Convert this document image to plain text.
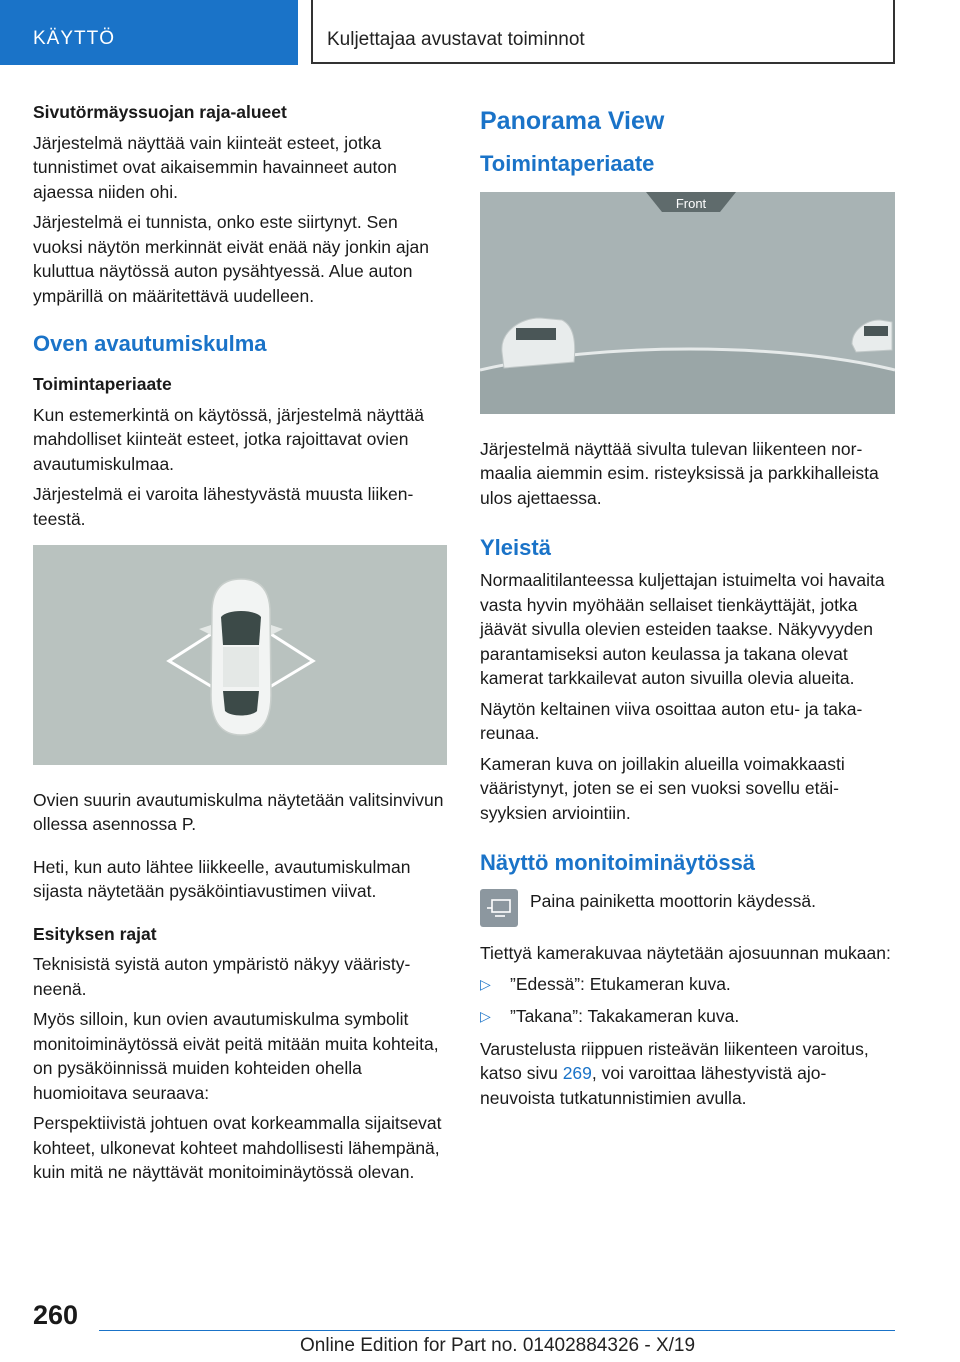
KÄYTTÖ	Kuljettajaa avustavat toiminnot

Sivutörmäyssuojan raja-alueet

Järjestelmä näyttää vain kiinteät esteet, jotka tunnistimet ovat aikaisemmin havainneet auton ajaessa niiden ohi.

Järjestelmä ei tunnista, onko este siirtynyt. Sen vuoksi näytön merkinnät eivät enää näy jonkin ajan kuluttua näytössä auton pysähtyessä. Alue auton ympärillä on määritettävä uudelleen.

Oven avautumiskulma

Toimintaperiaate

Kun estemerkintä on käytössä, järjestelmä näyttää mahdolliset kiinteät esteet, jotka rajoittavat ovien avautumiskulmaa.

Järjestelmä ei varoita lähestyvästä muusta liikenteestä.

Ovien suurin avautumiskulma näytetään valitsinvivun ollessa asennossa P.

Heti, kun auto lähtee liikkeelle, avautumiskulman sijasta näytetään pysäköintiavustimen viivat.

Esityksen rajat

Teknisistä syistä auton ympäristö näkyy vääristyneenä.

Myös silloin, kun ovien avautumiskulma symbolit monitoiminäytössä eivät peitä mitään muita kohteita, on pysäköinnissä muiden kohteiden ohella huomioitava seuraava:

Perspektiivistä johtuen ovat korkeammalla sijaitsevat kohteet, ulkonevat kohteet mahdollisesti lähempänä, kuin mitä ne näyttävät monitoiminäytössä olevan.

Panorama View
Toimintaperiaate
Front

Järjestelmä näyttää sivulta tulevan liikenteen normaalia aiemmin esim. risteyksissä ja parkkihalleista ulos ajettaessa.

Yleistä

Normaalitilanteessa kuljettajan istuimelta voi havaita vasta hyvin myöhään sellaiset tienkäyttäjät, jotka jäävät sivulla olevien esteiden taakse. Näkyvyyden parantamiseksi auton keulassa ja takana olevat kamerat tarkkailevat auton sivuilla olevia alueita.

Näytön keltainen viiva osoittaa auton etu- ja takareunaa.

Kameran kuva on joillakin alueilla voimakkaasti vääristynyt, joten se ei sen vuoksi sovellu etäisyyksien arviointiin.

Näyttö monitoiminäytössä
Paina painiketta moottorin käydessä.

Tiettyä kamerakuvaa näytetään ajosuunnan mukaan:

▷	”Edessä”: Etukameran kuva.
▷	”Takana”: Takakameran kuva.

Varustelusta riippuen risteävän liikenteen varoitus, katso sivu 269, voi varoittaa lähestyvistä ajoneuvoista tutkatunnistimien avulla.

260
Online Edition for Part no. 01402884326 - X/19
